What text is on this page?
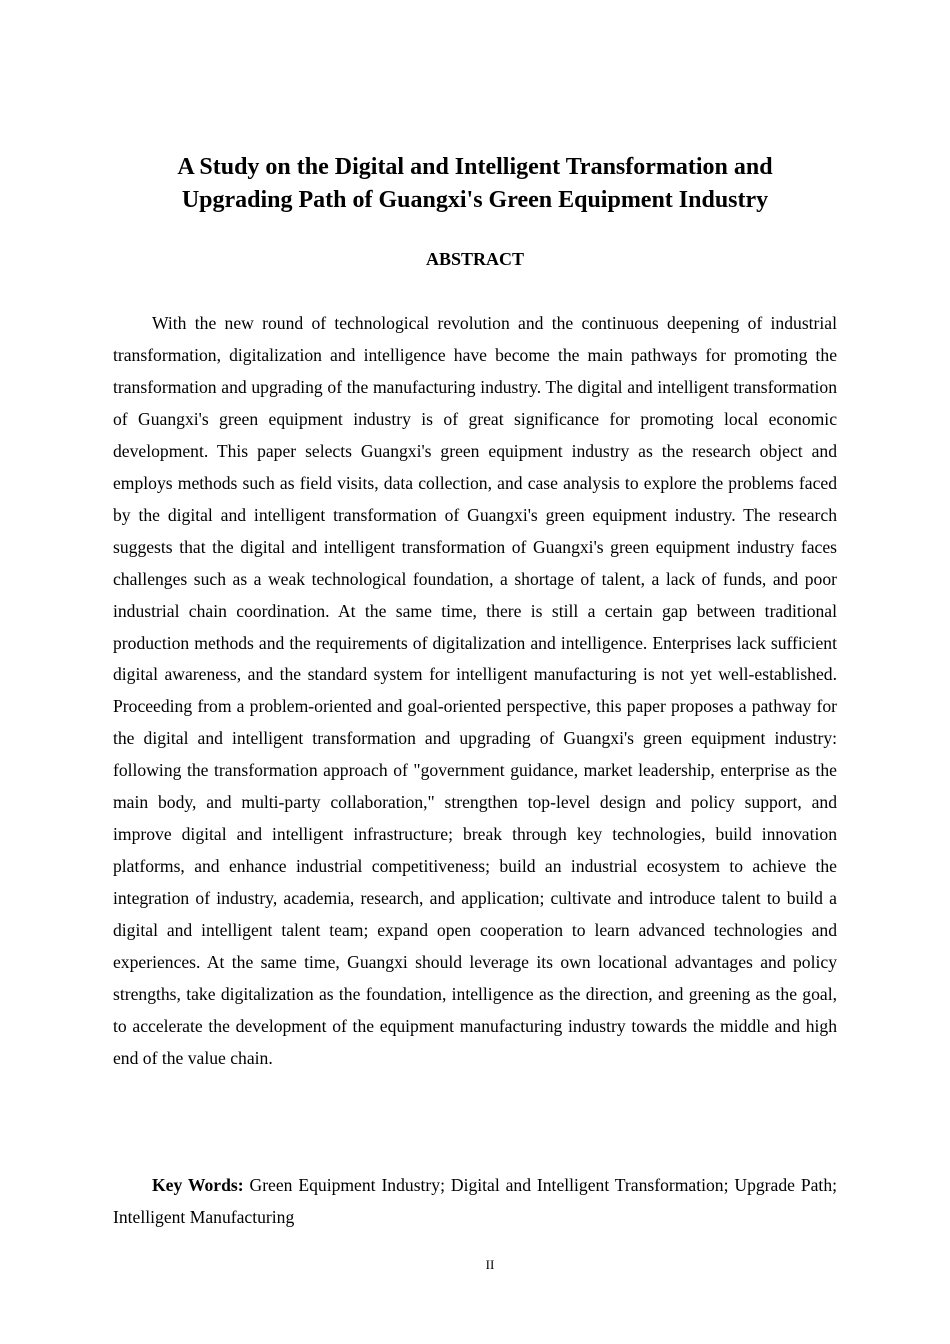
A Study on the Digital and Intelligent Transformation and
Upgrading Path of Guangxi's Green Equipment Industry
ABSTRACT

With the new round of technological revolution and the continuous deepening of industrial transformation, digitalization and intelligence have become the main pathways for promoting the transformation and upgrading of the manufacturing industry. The digital and intelligent transformation of Guangxi's green equipment industry is of great significance for promoting local economic development. This paper selects Guangxi's green equipment industry as the research object and employs methods such as field visits, data collection, and case analysis to explore the problems faced by the digital and intelligent transformation of Guangxi's green equipment industry. The research suggests that the digital and intelligent transformation of Guangxi's green equipment industry faces challenges such as a weak technological foundation, a shortage of talent, a lack of funds, and poor industrial chain coordination. At the same time, there is still a certain gap between traditional production methods and the requirements of digitalization and intelligence. Enterprises lack sufficient digital awareness, and the standard system for intelligent manufacturing is not yet well-established. Proceeding from a problem-oriented and goal-oriented perspective, this paper proposes a pathway for the digital and intelligent transformation and upgrading of Guangxi's green equipment industry: following the transformation approach of "government guidance, market leadership, enterprise as the main body, and multi-party collaboration," strengthen top-level design and policy support, and improve digital and intelligent infrastructure; break through key technologies, build innovation platforms, and enhance industrial competitiveness; build an industrial ecosystem to achieve the integration of industry, academia, research, and application; cultivate and introduce talent to build a digital and intelligent talent team; expand open cooperation to learn advanced technologies and experiences. At the same time, Guangxi should leverage its own locational advantages and policy strengths, take digitalization as the foundation, intelligence as the direction, and greening as the goal, to accelerate the development of the equipment manufacturing industry towards the middle and high end of the value chain.

Key Words: Green Equipment Industry; Digital and Intelligent Transformation; Upgrade Path; Intelligent Manufacturing

II
